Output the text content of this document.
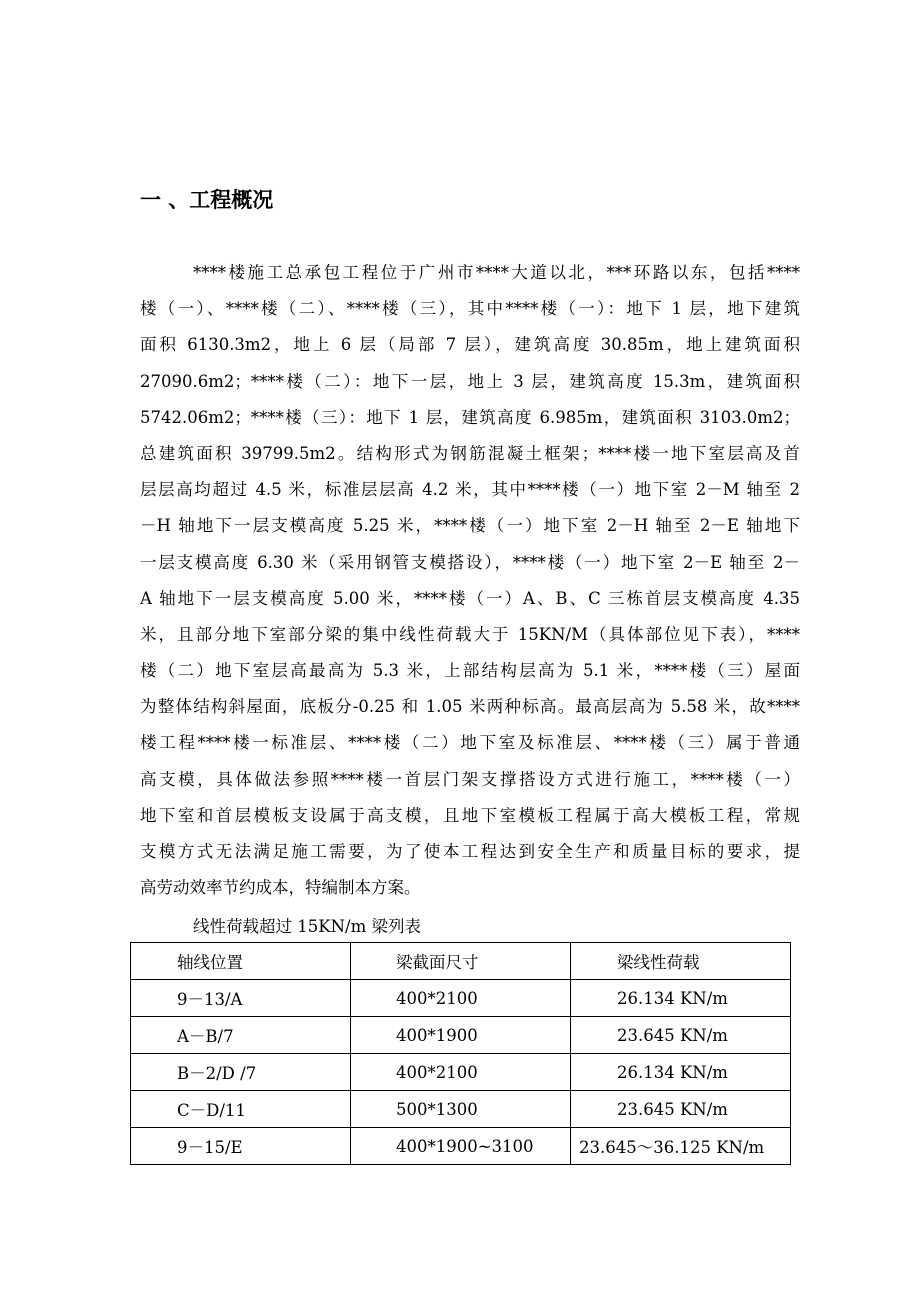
一 、工程概况
****楼施工总承包工程位于广州市****大道以北，***环路以东，包括****
楼（一）、****楼（二）、****楼（三），其中****楼（一）：地下 1 层，地下建筑
面积 6130.3m2，地上 6 层（局部 7 层），建筑高度 30.85m，地上建筑面积
27090.6m2；****楼（二）：地下一层，地上 3 层，建筑高度 15.3m，建筑面积
5742.06m2；****楼（三）：地下 1 层，建筑高度 6.985m，建筑面积 3103.0m2；
总建筑面积 39799.5m2。结构形式为钢筋混凝土框架；****楼一地下室层高及首
层层高均超过 4.5 米，标准层层高 4.2 米，其中****楼（一）地下室 2－M 轴至 2
－H 轴地下一层支模高度 5.25 米，****楼（一）地下室 2－H 轴至 2－E 轴地下
一层支模高度 6.30 米（采用钢管支模搭设），****楼（一）地下室 2－E 轴至 2－
A 轴地下一层支模高度 5.00 米，****楼（一）A、B、C 三栋首层支模高度 4.35
米，且部分地下室部分梁的集中线性荷载大于 15KN/M（具体部位见下表），****
楼（二）地下室层高最高为 5.3 米，上部结构层高为 5.1 米，****楼（三）屋面
为整体结构斜屋面，底板分-0.25 和 1.05 米两种标高。最高层高为 5.58 米，故****
楼工程****楼一标准层、****楼（二）地下室及标准层、****楼（三）属于普通
高支模，具体做法参照****楼一首层门架支撑搭设方式进行施工，****楼（一）
地下室和首层模板支设属于高支模，且地下室模板工程属于高大模板工程，常规
支模方式无法满足施工需要，为了使本工程达到安全生产和质量目标的要求，提
高劳动效率节约成本，特编制本方案。
线性荷载超过 15KN/m 梁列表
轴线位置	梁截面尺寸	梁线性荷载
9－13/A	400*2100	26.134 KN/m
A－B/7	400*1900	23.645 KN/m
B－2/D /7	400*2100	26.134 KN/m
C－D/11	500*1300	23.645 KN/m
9－15/E	400*1900~3100	23.645～36.125 KN/m
